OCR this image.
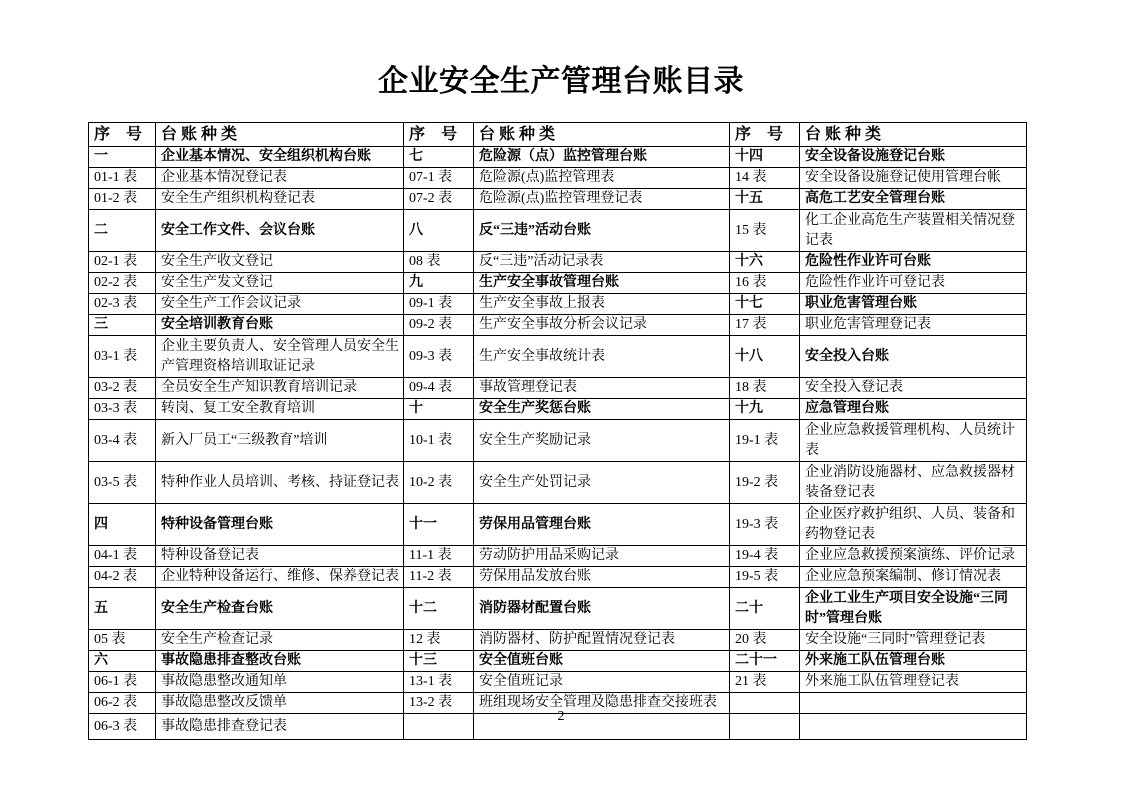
企业安全生产管理台账目录
序　号	台 账 种 类	序　号	台 账 种 类	序　号	台 账 种 类
一	企业基本情况、安全组织机构台账	七	危险源（点）监控管理台账	十四	安全设备设施登记台账
01-1 表	企业基本情况登记表	07-1 表	危险源(点)监控管理表	14 表	安全设备设施登记使用管理台帐
01-2 表	安全生产组织机构登记表	07-2 表	危险源(点)监控管理登记表	十五	高危工艺安全管理台账
二	安全工作文件、会议台账	八	反“三违”活动台账	15 表	化工企业高危生产装置相关情况登记表
02-1 表	安全生产收文登记	08 表	反“三违”活动记录表	十六	危险性作业许可台账
02-2 表	安全生产发文登记	九	生产安全事故管理台账	16 表	危险性作业许可登记表
02-3 表	安全生产工作会议记录	09-1 表	生产安全事故上报表	十七	职业危害管理台账
三	安全培训教育台账	09-2 表	生产安全事故分析会议记录	17 表	职业危害管理登记表
03-1 表	企业主要负责人、安全管理人员安全生产管理资格培训取证记录	09-3 表	生产安全事故统计表	十八	安全投入台账
03-2 表	全员安全生产知识教育培训记录	09-4 表	事故管理登记表	18 表	安全投入登记表
03-3 表	转岗、复工安全教育培训	十	安全生产奖惩台账	十九	应急管理台账
03-4 表	新入厂员工“三级教育”培训	10-1 表	安全生产奖励记录	19-1 表	企业应急救援管理机构、人员统计表
03-5 表	特种作业人员培训、考核、持证登记表	10-2 表	安全生产处罚记录	19-2 表	企业消防设施器材、应急救援器材装备登记表
四	特种设备管理台账	十一	劳保用品管理台账	19-3 表	企业医疗救护组织、人员、装备和药物登记表
04-1 表	特种设备登记表	11-1 表	劳动防护用品采购记录	19-4 表	企业应急救援预案演练、评价记录
04-2 表	企业特种设备运行、维修、保养登记表	11-2 表	劳保用品发放台账	19-5 表	企业应急预案编制、修订情况表
五	安全生产检查台账	十二	消防器材配置台账	二十	企业工业生产项目安全设施“三同时”管理台账
05 表	安全生产检查记录	12 表	消防器材、防护配置情况登记表	20 表	安全设施“三同时”管理登记表
六	事故隐患排查整改台账	十三	安全值班台账	二十一	外来施工队伍管理台账
06-1 表	事故隐患整改通知单	13-1 表	安全值班记录	21 表	外来施工队伍管理登记表
06-2 表	事故隐患整改反馈单	13-2 表	班组现场安全管理及隐患排查交接班表		
06-3 表	事故隐患排查登记表				
2
